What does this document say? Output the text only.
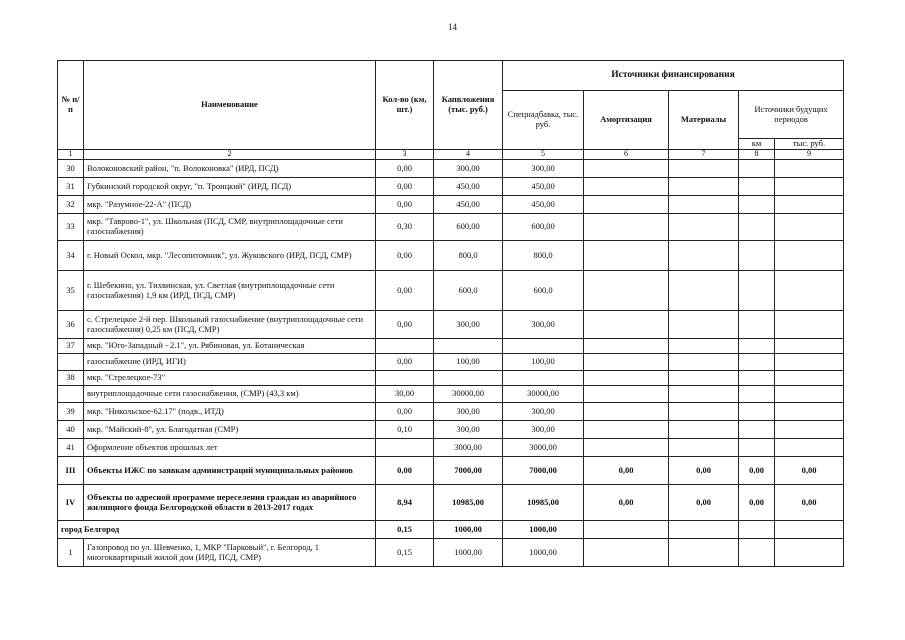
14
№ п/п	Наименование	Кол-во (км, шт.)	Капвложения (тыс. руб.)	Источники финансирования				
				Спецнадбавка, тыс. руб.	Амортизация	Материалы	Источники будущих периодов	
							км	тыс. руб.
1	2	3	4	5	6	7	8	9
30	Волоконовский район, "п. Волоконовка" (ИРД, ПСД)	0,00	300,00	300,00				
31	Губкинский городской округ, "п. Троицкий" (ИРД, ПСД)	0,00	450,00	450,00				
32	мкр. "Разумное-22-А" (ПСД)	0,00	450,00	450,00				
33	мкр. "Таврово-1", ул. Школьная (ПСД, СМР, внутриплощадочные сети газоснабжения)	0,30	600,00	600,00				
34	г. Новый Оскол, мкр. "Лесопитомник", ул. Жуковского (ИРД, ПСД, СМР)	0,00	800,0	800,0				
35	г. Шебекино, ул. Тихвинская, ул. Светлая (внутриплощадочные сети газоснабжения) 1,9 км (ИРД, ПСД, СМР)	0,00	600,0	600,0				
36	с. Стрелецкое 2-й пер. Школьный газоснабжение (внутриплощадочные сети газоснабжения) 0,25 км (ПСД, СМР)	0,00	300,00	300,00				
37	мкр. "Юго-Западный - 2.1", ул. Рябиновая, ул. Ботаническая							
	газоснабжение (ИРД, ИГИ)	0,00	100,00	100,00				
38	мкр. "Стрелецкое-73"							
	внутриплощадочные сети газоснабжения, (СМР) (43,3 км)	30,00	30000,00	30000,00				
39	мкр. "Никольское-62.17" (подв., ИТД)	0,00	300,00	300,00				
40	мкр. "Майский-8", ул. Благодатная (СМР)	0,10	300,00	300,00				
41	Оформление объектов прошлых лет		3000,00	3000,00				
III	Объекты ИЖС по заявкам администраций муниципальных районов	0,00	7000,00	7000,00	0,00	0,00	0,00	0,00
IV	Объекты по адресной программе переселения граждан из аварийного жилищного фонда Белгородской области в 2013-2017 годах	8,94	10985,00	10985,00	0,00	0,00	0,00	0,00
город Белгород		0,15	1000,00	1000,00				
1	Газопровод по ул. Шевченко, 1, МКР "Парковый", г. Белгород, 1 многоквартирный жилой дом (ИРД, ПСД, СМР)	0,15	1000,00	1000,00				
